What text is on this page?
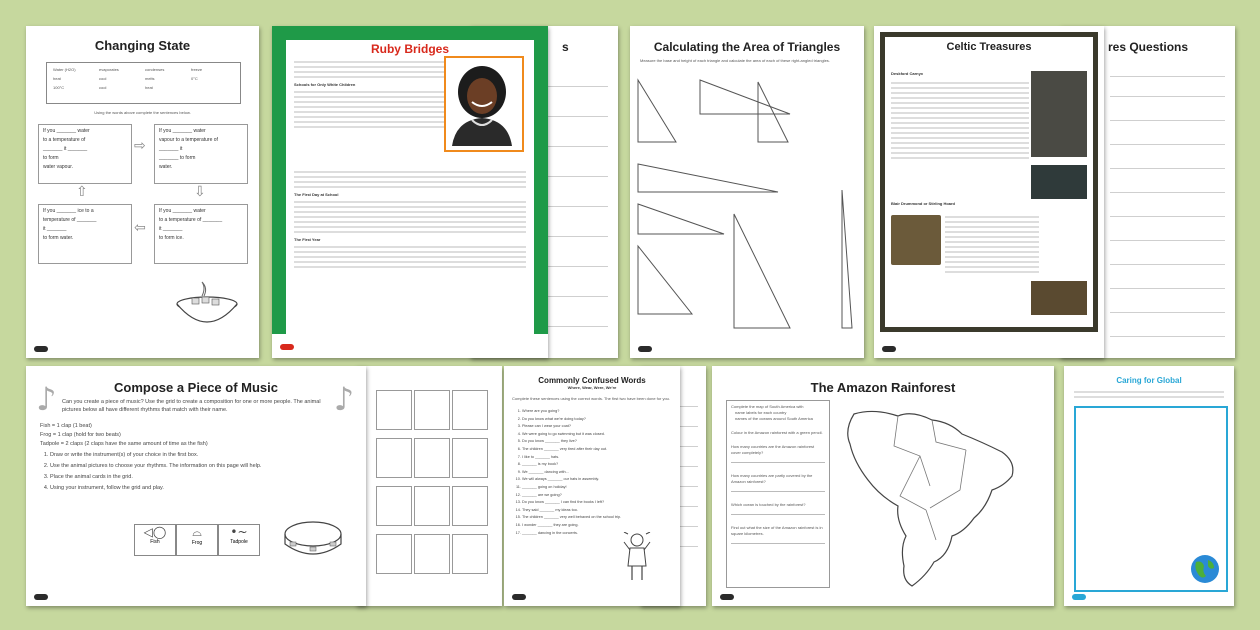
Changing State
Water (H2O)	evaporates	condenses	freeze
heat	cool	melts	0°C
100°C	cool	heat
Using the words above complete the sentences below.
If you _______ water
to a temperature of
_______ it _______
to form
water vapour.
⇨
If you _______ water
vapour to a temperature of
_______ it
_______ to form
water.
⇧	⇩
If you _______ ice to a
temperature of _______
it _______
to form water.
⇦
If you _______ water
to a temperature of _______
it _______
to form ice.
s
Ruby Bridges
Schools for Only White Children
The First Day at School
The First Year
Calculating the Area of Triangles
Measure the base and height of each triangle and calculate the area of each of these right-angled triangles.
res Questions
Celtic Treasures
Deskford Carnyx
Blair Drummond or Stirling Hoard
♪	♪
Compose a Piece of Music
Can you create a piece of music? Use the grid to create a composition for one or more people. The animal pictures below all have different rhythms that match with their name.
Fish = 1 clap (1 beat)
Frog = 1 clap (hold for two beats)
Tadpole = 2 claps (2 claps have the same amount of time as the fish)
1. Draw or write the instrument(s) of your choice in the first box.
2. Use the animal pictures to choose your rhythms. The information on this page will help.
3. Place the animal cards in the grid.
4. Using your instrument, follow the grid and play.
◁◯
Fish
⌓
Frog
•~
Tadpole
Commonly Confused Words
Where, Wear, Were, We're
Complete these sentences using the correct words. The first two have been done for you.
1. Where are you going?
2. Do you know what we're doing today?
3. Please can I wear your coat?
4. We were going to go swimming but it was closed.
5. Do you know _______ they live?
6. The children _______ very tired after their day out.
7. I like to _______ hats.
8. _______ is my book?
9. We _______ dancing with...
10. We will always _______ our hats in assembly.
11. _______ going on holiday!
12. _______ are we going?
13. Do you know _______ I can find the books I left?
14. They said _______ my ideas too.
15. The children _______ very well behaved on the school trip.
16. I wonder _______ they are going.
17. _______ dancing in the concerts.
The Amazon Rainforest
Complete the map of South America with
name labels for each country
names of the oceans around South America
Colour in the Amazon rainforest with a green pencil.
How many countries are the Amazon rainforest cover completely?
How many countries are partly covered by the Amazon rainforest?
Which ocean is touched by the rainforest?
Find out what the size of the Amazon rainforest is in square kilometres.
Caring for Global
